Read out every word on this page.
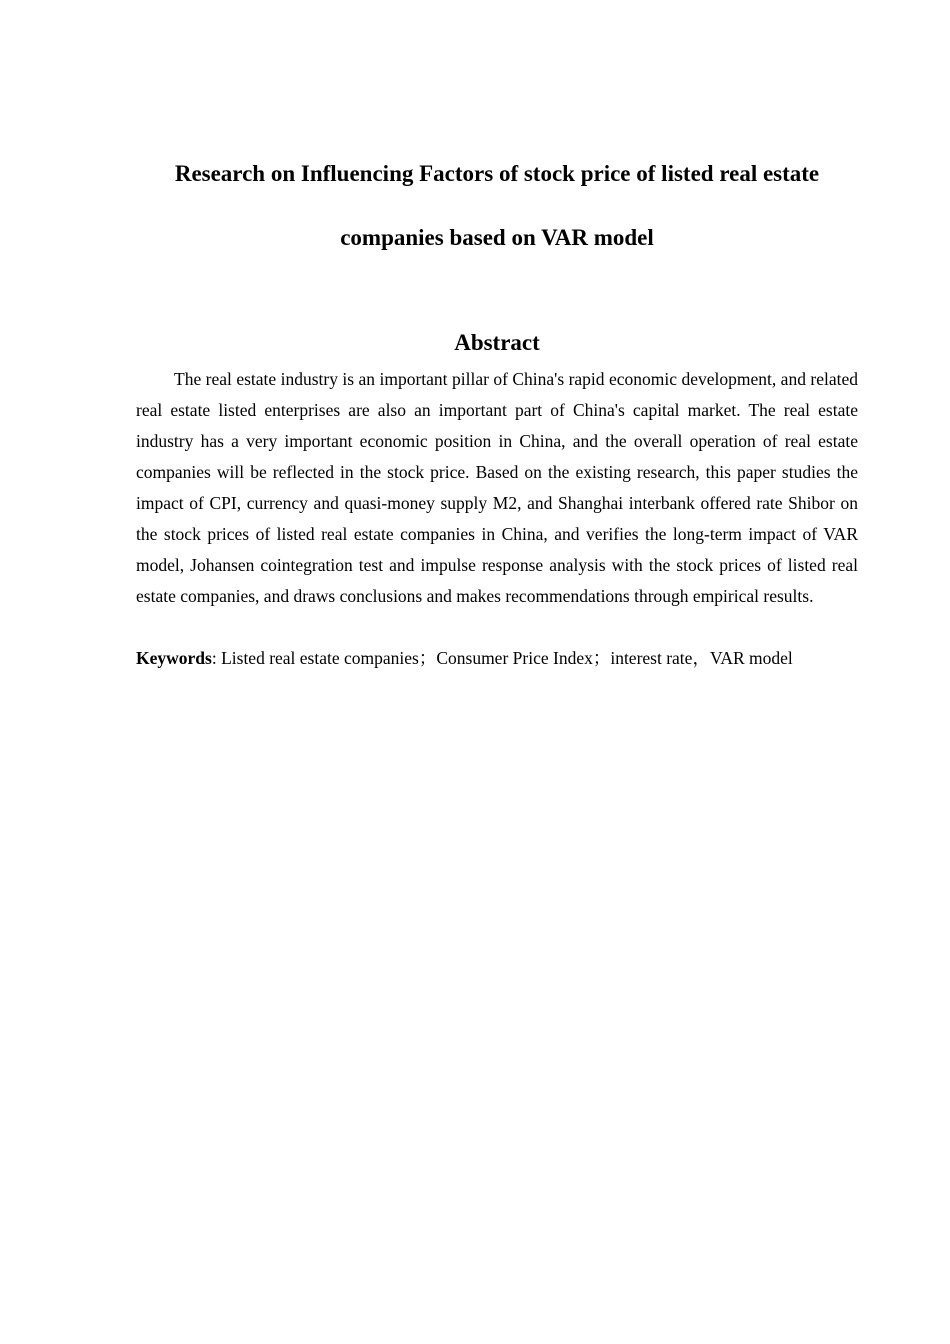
Research on Influencing Factors of stock price of listed real estate
companies based on VAR model
Abstract

The real estate industry is an important pillar of China's rapid economic development, and related real estate listed enterprises are also an important part of China's capital market. The real estate industry has a very important economic position in China, and the overall operation of real estate companies will be reflected in the stock price. Based on the existing research, this paper studies the impact of CPI, currency and quasi-money supply M2, and Shanghai interbank offered rate Shibor on the stock prices of listed real estate companies in China, and verifies the long-term impact of VAR model, Johansen cointegration test and impulse response analysis with the stock prices of listed real estate companies, and draws conclusions and makes recommendations through empirical results.

Keywords: Listed real estate companies；Consumer Price Index；interest rate，VAR model
